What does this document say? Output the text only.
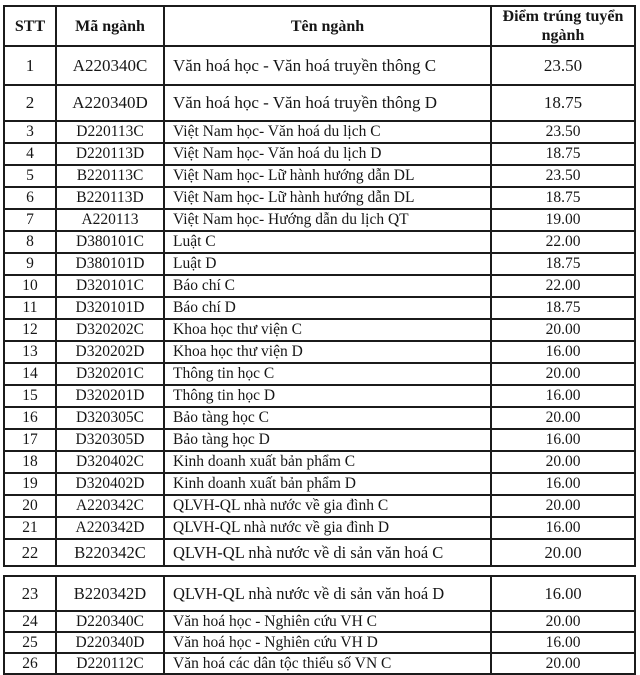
STT	Mã ngành	Tên ngành	Điểm trúng tuyển ngành
1	A220340C	Văn hoá học - Văn hoá truyền thông C	23.50
2	A220340D	Văn hoá học - Văn hoá truyền thông D	18.75
3	D220113C	Việt Nam học- Văn hoá du lịch C	23.50
4	D220113D	Việt Nam học- Văn hoá du lịch D	18.75
5	B220113C	Việt Nam học- Lữ hành hướng dẫn DL	23.50
6	B220113D	Việt Nam học- Lữ hành hướng dẫn DL	18.75
7	A220113	Việt Nam học- Hướng dẫn du lịch QT	19.00
8	D380101C	Luật C	22.00
9	D380101D	Luật D	18.75
10	D320101C	Báo chí C	22.00
11	D320101D	Báo chí D	18.75
12	D320202C	Khoa học thư viện C	20.00
13	D320202D	Khoa học thư viện D	16.00
14	D320201C	Thông tin học C	20.00
15	D320201D	Thông tin học D	16.00
16	D320305C	Bảo tàng học C	20.00
17	D320305D	Bảo tàng học D	16.00
18	D320402C	Kinh doanh xuất bản phẩm C	20.00
19	D320402D	Kinh doanh xuất bản phẩm D	16.00
20	A220342C	QLVH-QL nhà nước về gia đình C	20.00
21	A220342D	QLVH-QL nhà nước về gia đình D	16.00
22	B220342C	QLVH-QL nhà nước về di sản văn hoá C	20.00
23	B220342D	QLVH-QL nhà nước về di sản văn hoá D	16.00
24	D220340C	Văn hoá học - Nghiên cứu VH C	20.00
25	D220340D	Văn hoá học - Nghiên cứu VH D	16.00
26	D220112C	Văn hoá các dân tộc thiểu số VN C	20.00
